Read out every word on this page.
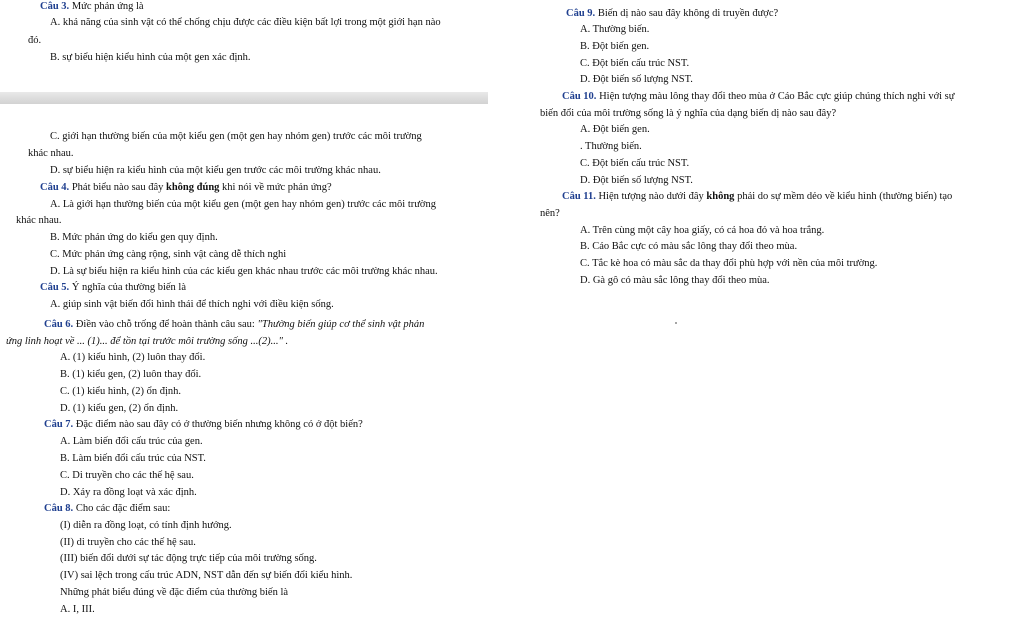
Câu 3. Mức phản ứng là
A. khả năng của sinh vật có thể chống chịu được các điều kiện bất lợi trong một giới hạn nào
đó.
B. sự biểu hiện kiểu hình của một gen xác định.
C. giới hạn thường biến của một kiểu gen (một gen hay nhóm gen) trước các môi trường
khác nhau.
D. sự biểu hiện ra kiểu hình của một kiểu gen trước các môi trường khác nhau.
Câu 4. Phát biểu nào sau đây không đúng khi nói về mức phản ứng?
A. Là giới hạn thường biến của một kiểu gen (một gen hay nhóm gen) trước các môi trường
khác nhau.
B. Mức phản ứng do kiểu gen quy định.
C. Mức phản ứng càng rộng, sinh vật càng dễ thích nghi
D. Là sự biểu hiện ra kiểu hình của các kiểu gen khác nhau trước các môi trường khác nhau.
Câu 5. Ý nghĩa của thường biến là
A. giúp sinh vật biến đổi hình thái để thích nghi với điều kiện sống.
Câu 6. Điền vào chỗ trống để hoàn thành câu sau: "Thường biến giúp cơ thể sinh vật phản
ứng linh hoạt về ... (1)... để tồn tại trước môi trường sống ...(2)..." .
A. (1) kiểu hình, (2) luôn thay đổi.
B. (1) kiểu gen, (2) luôn thay đổi.
C. (1) kiểu hình, (2) ổn định.
D. (1) kiểu gen, (2) ổn định.
Câu 7. Đặc điểm nào sau đây có ở thường biến nhưng không có ở đột biến?
A. Làm biến đổi cấu trúc của gen.
B. Làm biến đổi cấu trúc của NST.
C. Di truyền cho các thế hệ sau.
D. Xảy ra đồng loạt và xác định.
Câu 8. Cho các đặc điểm sau:
(I) diễn ra đồng loạt, có tính định hướng.
(II) di truyền cho các thế hệ sau.
(III) biến đổi dưới sự tác động trực tiếp của môi trường sống.
(IV) sai lệch trong cấu trúc ADN, NST dẫn đến sự biến đổi kiểu hình.
Những phát biểu đúng về đặc điểm của thường biến là
A. I, III.
Câu 9. Biến dị nào sau đây không di truyền được?
A. Thường biến.
B. Đột biến gen.
C. Đột biến cấu trúc NST.
D. Đột biến số lượng NST.
Câu 10. Hiện tượng màu lông thay đổi theo mùa ở Cáo Bắc cực giúp chúng thích nghi với sự
biến đổi của môi trường sống là ý nghĩa của dạng biến dị nào sau đây?
A. Đột biến gen.
. Thường biến.
C. Đột biến cấu trúc NST.
D. Đột biến số lượng NST.
Câu 11. Hiện tượng nào dưới đây không phải do sự mềm dẻo về kiểu hình (thường biến) tạo
nên?
A. Trên cùng một cây hoa giấy, có cả hoa đỏ và hoa trắng.
B. Cáo Bắc cực có màu sắc lông thay đổi theo mùa.
C. Tắc kè hoa có màu sắc da thay đổi phù hợp với nền của môi trường.
D. Gà gô có màu sắc lông thay đổi theo mùa.
